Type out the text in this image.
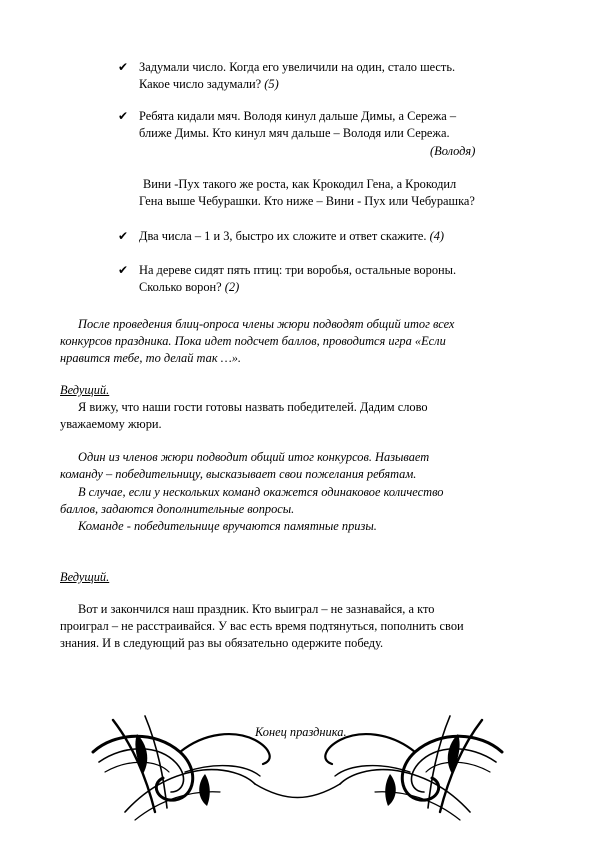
✔ Задумали число. Когда его увеличили на один, стало шесть.
Какое число задумали? (5)
✔ Ребята кидали мяч. Володя кинул дальше Димы, а Сережа –
ближе Димы. Кто кинул мяч дальше – Володя или Сережа.
(Володя)
Вини -Пух такого же роста, как Крокодил Гена, а Крокодил
Гена выше Чебурашки. Кто ниже – Вини - Пух или Чебурашка?
✔ Два числа – 1 и 3, быстро их сложите и ответ скажите. (4)
✔ На дереве сидят пять птиц: три воробья, остальные вороны.
Сколько ворон? (2)
После проведения блиц-опроса члены жюри подводят общий итог всех
конкурсов праздника. Пока идет подсчет баллов, проводится игра «Если
нравится тебе, то делай так …».
Ведущий.
Я вижу, что наши гости готовы назвать победителей. Дадим слово
уважаемому жюри.
Один из членов жюри подводит общий итог конкурсов. Называет
команду – победительницу, высказывает свои пожелания ребятам.
В случае, если у нескольких команд окажется одинаковое количество
баллов, задаются дополнительные вопросы.
Команде - победительнице вручаются памятные призы.
Ведущий.
Вот и закончился наш праздник. Кто выиграл – не зазнавайся, а кто
проиграл – не расстраивайся. У вас есть время подтянуться, пополнить свои
знания. И в следующий раз вы обязательно одержите победу.
Конец праздника.
